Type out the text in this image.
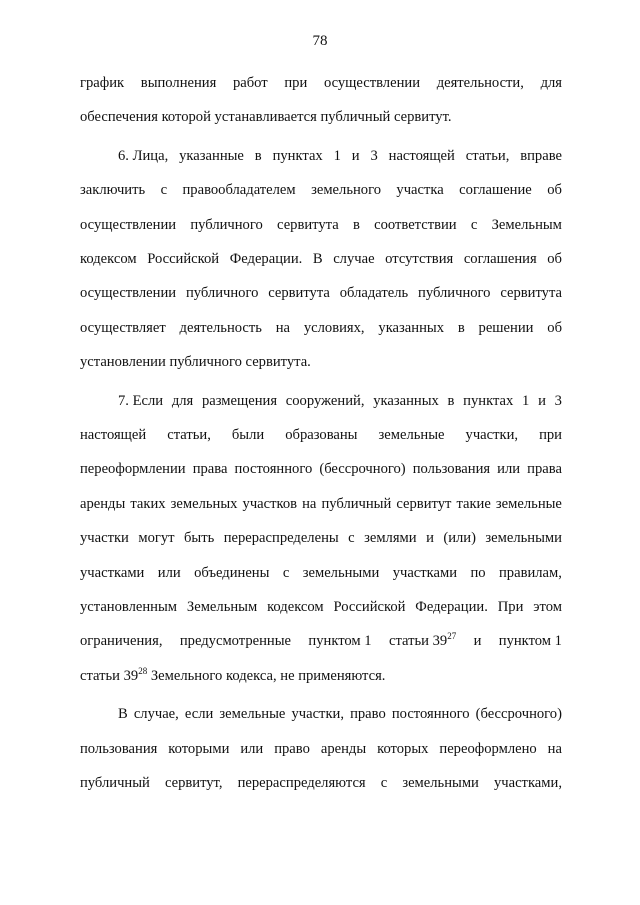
78
график выполнения работ при осуществлении деятельности, для
обеспечения которой устанавливается публичный сервитут.
6. Лица, указанные в пунктах 1 и 3 настоящей статьи, вправе
заключить с правообладателем земельного участка соглашение об
осуществлении публичного сервитута в соответствии с Земельным
кодексом Российской Федерации. В случае отсутствия соглашения об
осуществлении публичного сервитута обладатель публичного сервитута
осуществляет деятельность на условиях, указанных в решении об
установлении публичного сервитута.
7. Если для размещения сооружений, указанных в пунктах 1 и 3
настоящей статьи, были образованы земельные участки, при
переоформлении права постоянного (бессрочного) пользования или права
аренды таких земельных участков на публичный сервитут такие земельные
участки могут быть перераспределены с землями и (или) земельными
участками или объединены с земельными участками по правилам,
установленным Земельным кодексом Российской Федерации. При этом
ограничения, предусмотренные пунктом 1 статьи $39^{27}$ и пунктом 1
статьи $39^{28}$ Земельного кодекса, не применяются.
В случае, если земельные участки, право постоянного (бессрочного)
пользования которыми или право аренды которых переоформлено на
публичный сервитут, перераспределяются с земельными участками,
